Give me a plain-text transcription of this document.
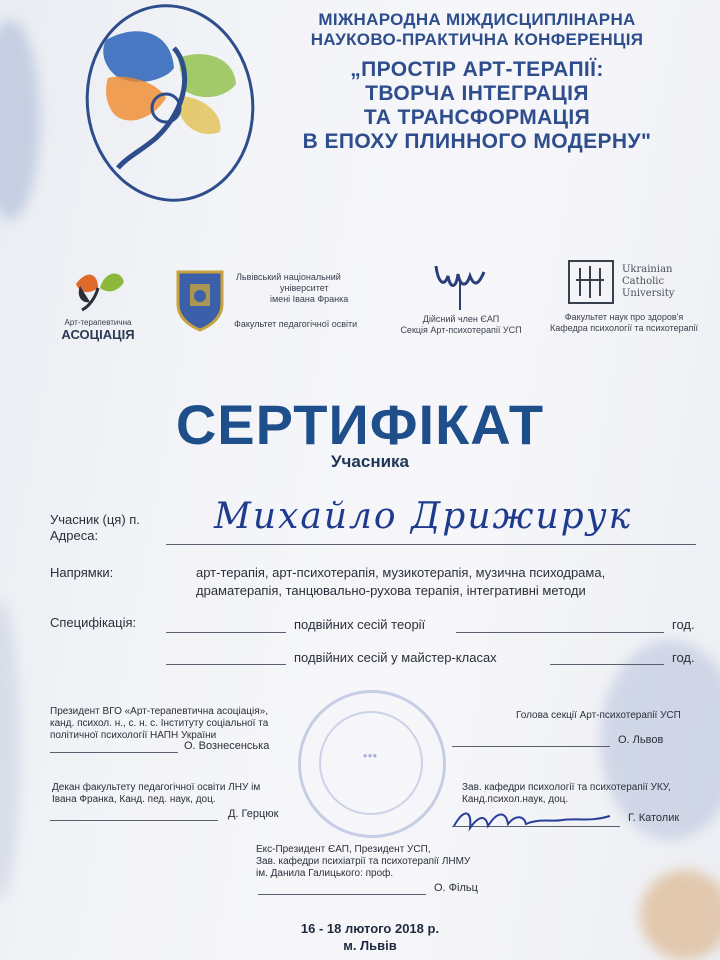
МІЖНАРОДНА МІЖДИСЦИПЛІНАРНА
НАУКОВО-ПРАКТИЧНА КОНФЕРЕНЦІЯ
„ПРОСТІР АРТ-ТЕРАПІЇ:
ТВОРЧА ІНТЕГРАЦІЯ
ТА ТРАНСФОРМАЦІЯ
В ЕПОХУ ПЛИННОГО МОДЕРНУ"
Арт-терапевтична
АСОЦІАЦІЯ
Львівський національний
університет
імені Івана Франка
Факультет педагогічної освіти	Дійсний член ЄАП
Секція Арт-психотерапії УСП
Ukrainian
Catholic
University
Факультет наук про здоров'я
Кафедра психології та психотерапії
СЕРТИФІКАТ
Учасника
Учасник (ця) п.
Адреса:	Михайло Дрижирук
Напрямки:	арт-терапія, арт-психотерапія, музикотерапія, музична психодрама,
драматерапія, танцювально-рухова терапія, інтегративні методи
Специфікація:	подвійних сесій теорії	год.
подвійних сесій у майстер-класах	год.
●●●
Президент ВГО «Арт-терапевтична асоціація»,
канд. психол. н., с. н. с. Інституту соціальної та
політичної психології НАПН України
О. Вознесенська
Голова секції Арт-психотерапії УСП
О. Львов
Декан факультету педагогічної освіти ЛНУ ім
Івана Франка, Канд. пед. наук, доц.
Д. Герцюк
Зав. кафедри психології та психотерапії УКУ,
Канд.психол.наук, доц.
Г. Католик
Екс-Президент ЄАП, Президент УСП,
Зав. кафедри психіатрії та психотерапії ЛНМУ
ім. Данила Галицького: проф.
О. Фільц
16 - 18 лютого 2018 р.
м. Львів
